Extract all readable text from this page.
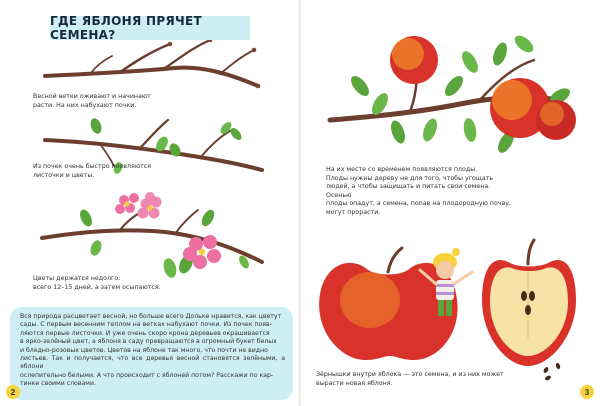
ГДЕ ЯБЛОНЯ ПРЯЧЕТ СЕМЕНА?
Весной ветки оживают и начинают
расти. На них набухают почки.
Из почек очень быстро появляются
листочки и цветы.
Цветы держатся недолго:
всего 12–15 дней, а затем осыпаются.
Вся природа расцветает весной, но больше всего Дольке нравится, как цветут
сады. С первым весенним теплом на ветках набухают почки. Из почек появ-
ляются первые листочки. И уже очень скоро крона деревьев окрашивается
в ярко-зелёный цвет, а яблоня в саду превращаются в огромный букет белых
и бледно-розовых цветов. Цветов на яблоне так много, что почти не видно
листьев. Так и получается, что все деревья весной становятся зелёными, а яблони
ослепительно белыми. А что происходит с яблоней потом? Расскажи по кар-
тинке своими словами.
На их месте со временем появляются плоды.
Плоды нужны дереву не для того, чтобы угощать
людей, а чтобы защищать и питать свои семена. Осенью
плоды опадут, а семена, попав на плодородную почву,
могут прорасти.
Зёрнышки внутри яблока — это семена, и из них может
вырасти новая яблоня.
2	3
